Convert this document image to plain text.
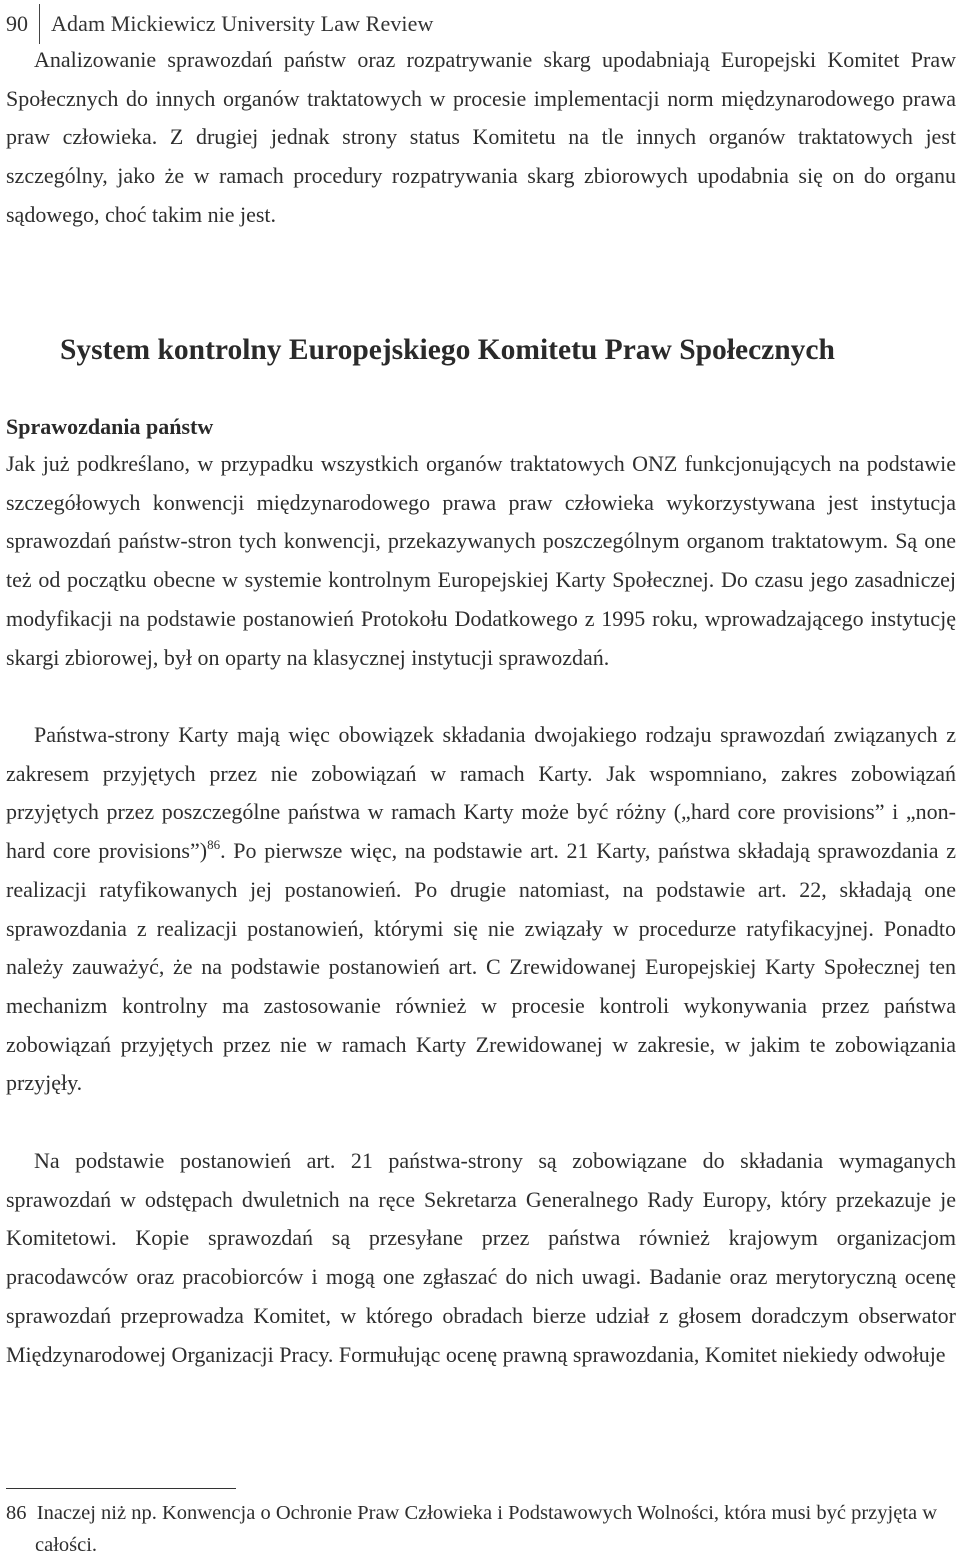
90	Adam Mickiewicz University Law Review

Analizowanie sprawozdań państw oraz rozpatrywanie skarg upodabniają Europejski Komitet Praw Społecznych do innych organów traktatowych w procesie implementacji norm międzynarodowego prawa praw człowieka. Z drugiej jednak strony status Komitetu na tle innych organów traktatowych jest szczególny, jako że w ramach procedury rozpatrywania skarg zbiorowych upodabnia się on do organu sądowego, choć takim nie jest.

System kontrolny Europejskiego Komitetu Praw Społecznych
Sprawozdania państw

Jak już podkreślano, w przypadku wszystkich organów traktatowych ONZ funkcjonujących na podstawie szczegółowych konwencji międzynarodowego prawa praw człowieka wykorzystywana jest instytucja sprawozdań państw-stron tych konwencji, przekazywanych poszczególnym organom traktatowym. Są one też od początku obecne w systemie kontrolnym Europejskiej Karty Społecznej. Do czasu jego zasadniczej modyfikacji na podstawie postanowień Protokołu Dodatkowego z 1995 roku, wprowadzającego instytucję skargi zbiorowej, był on oparty na klasycznej instytucji sprawozdań.

Państwa-strony Karty mają więc obowiązek składania dwojakiego rodzaju sprawozdań związanych z zakresem przyjętych przez nie zobowiązań w ramach Karty. Jak wspomniano, zakres zobowiązań przyjętych przez poszczególne państwa w ramach Karty może być różny („hard core provisions” i „non-hard core provisions”)$^{86}$. Po pierwsze więc, na podstawie art. 21 Karty, państwa składają sprawozdania z realizacji ratyfikowanych jej postanowień. Po drugie natomiast, na podstawie art. 22, składają one sprawozdania z realizacji postanowień, którymi się nie związały w procedurze ratyfikacyjnej. Ponadto należy zauważyć, że na podstawie postanowień art. C Zrewidowanej Europejskiej Karty Społecznej ten mechanizm kontrolny ma zastosowanie również w procesie kontroli wykonywania przez państwa zobowiązań przyjętych przez nie w ramach Karty Zrewidowanej w zakresie, w jakim te zobowiązania przyjęły.

Na podstawie postanowień art. 21 państwa-strony są zobowiązane do składania wymaganych sprawozdań w odstępach dwuletnich na ręce Sekretarza Generalnego Rady Europy, który przekazuje je Komitetowi. Kopie sprawozdań są przesyłane przez państwa również krajowym organizacjom pracodawców oraz pracobiorców i mogą one zgłaszać do nich uwagi. Badanie oraz merytoryczną ocenę sprawozdań przeprowadza Komitet, w którego obradach bierze udział z głosem doradczym obserwator Międzynarodowej Organizacji Pracy. Formułując ocenę prawną sprawozdania, Komitet niekiedy odwołuje

86 Inaczej niż np. Konwencja o Ochronie Praw Człowieka i Podstawowych Wolności, która musi być przyjęta w całości.
